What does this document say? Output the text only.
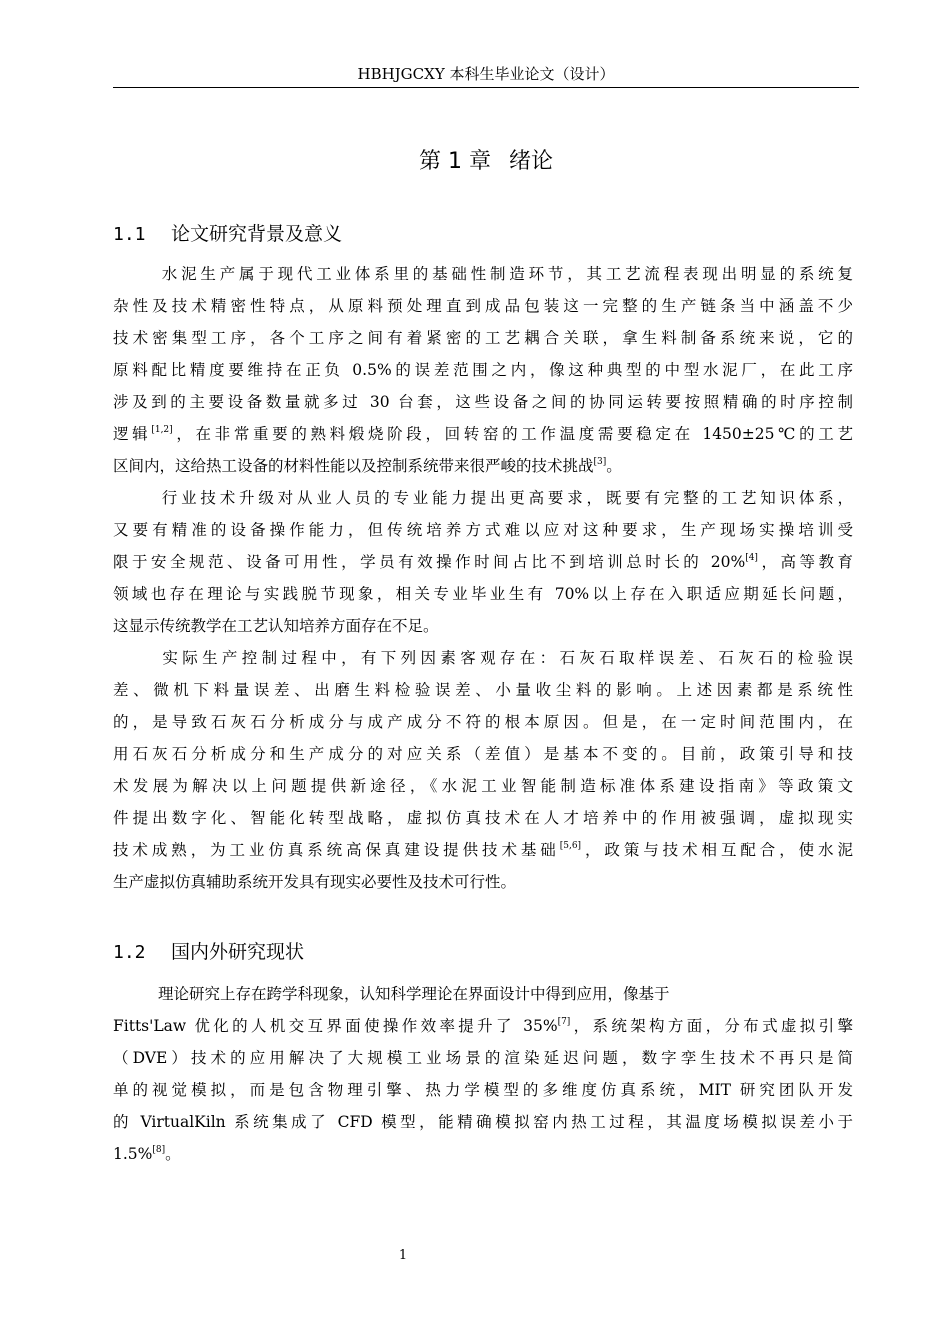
HBHJGCXY 本科生毕业论文（设计）
第 1 章 绪论
1.1 论文研究背景及意义
水泥生产属于现代工业体系里的基础性制造环节，其工艺流程表现出明显的系统复
杂性及技术精密性特点，从原料预处理直到成品包装这一完整的生产链条当中涵盖不少
技术密集型工序，各个工序之间有着紧密的工艺耦合关联，拿生料制备系统来说，它的
原料配比精度要维持在正负 0.5%的误差范围之内，像这种典型的中型水泥厂，在此工序
涉及到的主要设备数量就多过 30 台套，这些设备之间的协同运转要按照精确的时序控制
逻辑[1,2]，在非常重要的熟料煅烧阶段，回转窑的工作温度需要稳定在 1450±25℃的工艺
区间内，这给热工设备的材料性能以及控制系统带来很严峻的技术挑战[3]。
行业技术升级对从业人员的专业能力提出更高要求，既要有完整的工艺知识体系，
又要有精准的设备操作能力，但传统培养方式难以应对这种要求，生产现场实操培训受
限于安全规范、设备可用性，学员有效操作时间占比不到培训总时长的 20%[4]，高等教育
领域也存在理论与实践脱节现象，相关专业毕业生有 70%以上存在入职适应期延长问题，
这显示传统教学在工艺认知培养方面存在不足。
实际生产控制过程中，有下列因素客观存在：石灰石取样误差、石灰石的检验误
差、微机下料量误差、出磨生料检验误差、小量收尘料的影响。上述因素都是系统性
的，是导致石灰石分析成分与成产成分不符的根本原因。但是，在一定时间范围内，在
用石灰石分析成分和生产成分的对应关系（差值）是基本不变的。目前，政策引导和技
术发展为解决以上问题提供新途径，《水泥工业智能制造标准体系建设指南》等政策文
件提出数字化、智能化转型战略，虚拟仿真技术在人才培养中的作用被强调，虚拟现实
技术成熟，为工业仿真系统高保真建设提供技术基础[5,6]，政策与技术相互配合，使水泥
生产虚拟仿真辅助系统开发具有现实必要性及技术可行性。
1.2 国内外研究现状
理论研究上存在跨学科现象，认知科学理论在界面设计中得到应用，像基于
Fitts'Law 优化的人机交互界面使操作效率提升了 35%[7]，系统架构方面，分布式虚拟引擎
（DVE）技术的应用解决了大规模工业场景的渲染延迟问题，数字孪生技术不再只是简
单的视觉模拟，而是包含物理引擎、热力学模型的多维度仿真系统，MIT 研究团队开发
的 VirtualKiln 系统集成了 CFD 模型，能精确模拟窑内热工过程，其温度场模拟误差小于
1.5%[8]。
1
